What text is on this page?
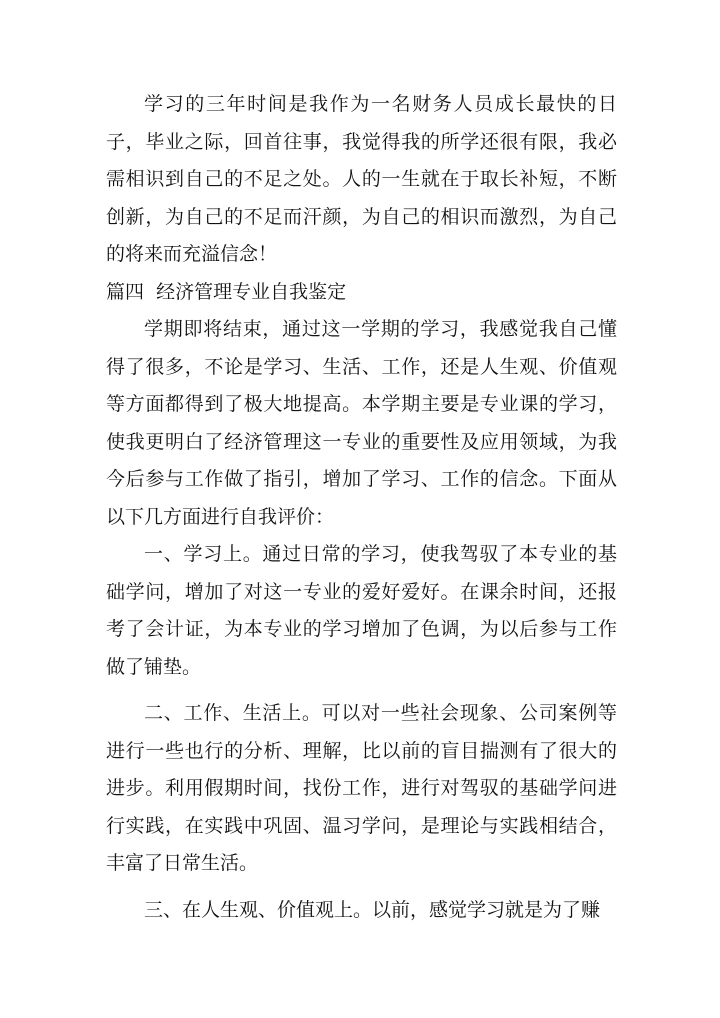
学习的三年时间是我作为一名财务人员成长最快的日子，毕业之际，回首往事，我觉得我的所学还很有限，我必需相识到自己的不足之处。人的一生就在于取长补短，不断创新，为自己的不足而汗颜，为自己的相识而激烈，为自己的将来而充溢信念！

篇四  经济管理专业自我鉴定

学期即将结束，通过这一学期的学习，我感觉我自己懂得了很多，不论是学习、生活、工作，还是人生观、价值观等方面都得到了极大地提高。本学期主要是专业课的学习，使我更明白了经济管理这一专业的重要性及应用领域，为我今后参与工作做了指引，增加了学习、工作的信念。下面从以下几方面进行自我评价：

一、学习上。通过日常的学习，使我驾驭了本专业的基础学问，增加了对这一专业的爱好爱好。在课余时间，还报考了会计证，为本专业的学习增加了色调，为以后参与工作做了铺垫。

二、工作、生活上。可以对一些社会现象、公司案例等进行一些也行的分析、理解，比以前的盲目揣测有了很大的进步。利用假期时间，找份工作，进行对驾驭的基础学问进行实践，在实践中巩固、温习学问，是理论与实践相结合，丰富了日常生活。

三、在人生观、价值观上。以前，感觉学习就是为了赚
